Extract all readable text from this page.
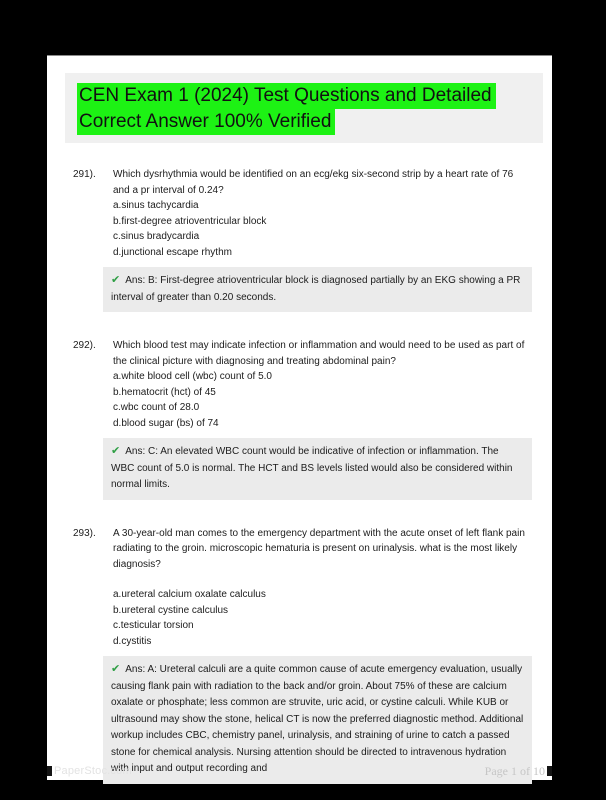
CEN Exam 1 (2024) Test Questions and Detailed
Correct Answer 100% Verified
291).	Which dysrhythmia would be identified on an ecg/ekg six-second strip by a heart rate of 76 and a pr interval of 0.24?
a.sinus tachycardia
b.first-degree atrioventricular block
c.sinus bradycardia
d.junctional escape rhythm
✔ Ans: B: First-degree atrioventricular block is diagnosed partially by an EKG showing a PR interval of greater than 0.20 seconds.
292).	Which blood test may indicate infection or inflammation and would need to be used as part of the clinical picture with diagnosing and treating abdominal pain?
a.white blood cell (wbc) count of 5.0
b.hematocrit (hct) of 45
c.wbc count of 28.0
d.blood sugar (bs) of 74
✔ Ans: C: An elevated WBC count would be indicative of infection or inflammation. The WBC count of 5.0 is normal. The HCT and BS levels listed would also be considered within normal limits.
293).	A 30-year-old man comes to the emergency department with the acute onset of left flank pain radiating to the groin. microscopic hematuria is present on urinalysis. what is the most likely diagnosis?
a.ureteral calcium oxalate calculus
b.ureteral cystine calculus
c.testicular torsion
d.cystitis
✔ Ans: A: Ureteral calculi are a quite common cause of acute emergency evaluation, usually causing flank pain with radiation to the back and/or groin. About 75% of these are calcium oxalate or phosphate; less common are struvite, uric acid, or cystine calculi. While KUB or ultrasound may show the stone, helical CT is now the preferred diagnostic method. Additional workup includes CBC, chemistry panel, urinalysis, and straining of urine to catch a passed stone for chemical analysis. Nursing attention should be directed to intravenous hydration with input and output recording and
PaperStoc.com	Page 1 of 10
